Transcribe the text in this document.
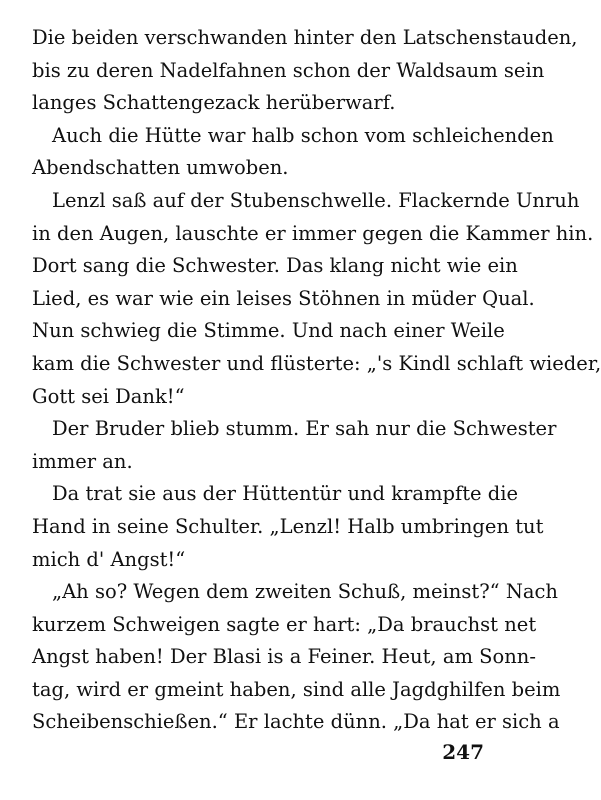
Die beiden verschwanden hinter den Latschenstauden,
bis zu deren Nadelfahnen schon der Waldsaum sein
langes Schattengezack herüberwarf.
Auch die Hütte war halb schon vom schleichenden
Abendschatten umwoben.
Lenzl saß auf der Stubenschwelle. Flackernde Unruh
in den Augen, lauschte er immer gegen die Kammer hin.
Dort sang die Schwester. Das klang nicht wie ein
Lied, es war wie ein leises Stöhnen in müder Qual.
Nun schwieg die Stimme. Und nach einer Weile
kam die Schwester und flüsterte: „'s Kindl schlaft wieder,
Gott sei Dank!“
Der Bruder blieb stumm. Er sah nur die Schwester
immer an.
Da trat sie aus der Hüttentür und krampfte die
Hand in seine Schulter. „Lenzl! Halb umbringen tut
mich d' Angst!“
„Ah so? Wegen dem zweiten Schuß, meinst?“ Nach
kurzem Schweigen sagte er hart: „Da brauchst net
Angst haben! Der Blasi is a Feiner. Heut, am Sonn-
tag, wird er gmeint haben, sind alle Jagdghilfen beim
Scheibenschießen.“ Er lachte dünn. „Da hat er sich a
247
